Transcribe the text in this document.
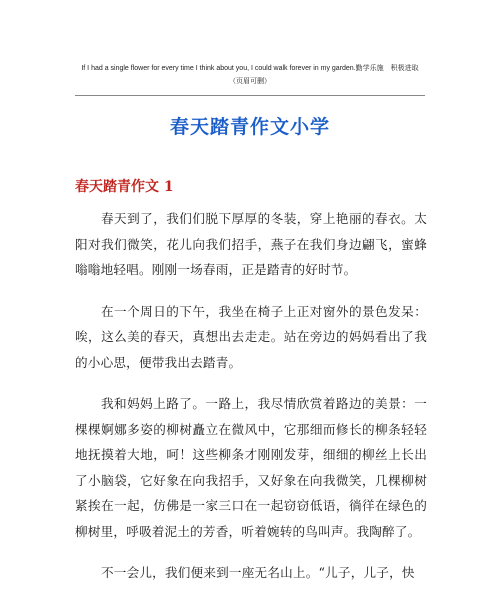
If I had a single flower for every time I think about you, I could walk forever in my garden.勤学乐施　积极进取
（页眉可删）
春天踏青作文小学
春天踏青作文 1

春天到了，我们们脱下厚厚的冬装，穿上艳丽的春衣。太阳对我们微笑，花儿向我们招手，燕子在我们身边翩飞，蜜蜂嗡嗡地轻唱。刚刚一场春雨，正是踏青的好时节。

在一个周日的下午，我坐在椅子上正对窗外的景色发呆：唉，这么美的春天，真想出去走走。站在旁边的妈妈看出了我的小心思，便带我出去踏青。

我和妈妈上路了。一路上，我尽情欣赏着路边的美景：一棵棵婀娜多姿的柳树矗立在微风中，它那细而修长的柳条轻轻地抚摸着大地，呵！这些柳条才刚刚发芽，细细的柳丝上长出了小脑袋，它好象在向我招手，又好象在向我微笑，几棵柳树紧挨在一起，仿佛是一家三口在一起窃窃低语，徜徉在绿色的柳树里，呼吸着泥土的芳香，听着婉转的鸟叫声。我陶醉了。

不一会儿，我们便来到一座无名山上。“儿子，儿子，快
